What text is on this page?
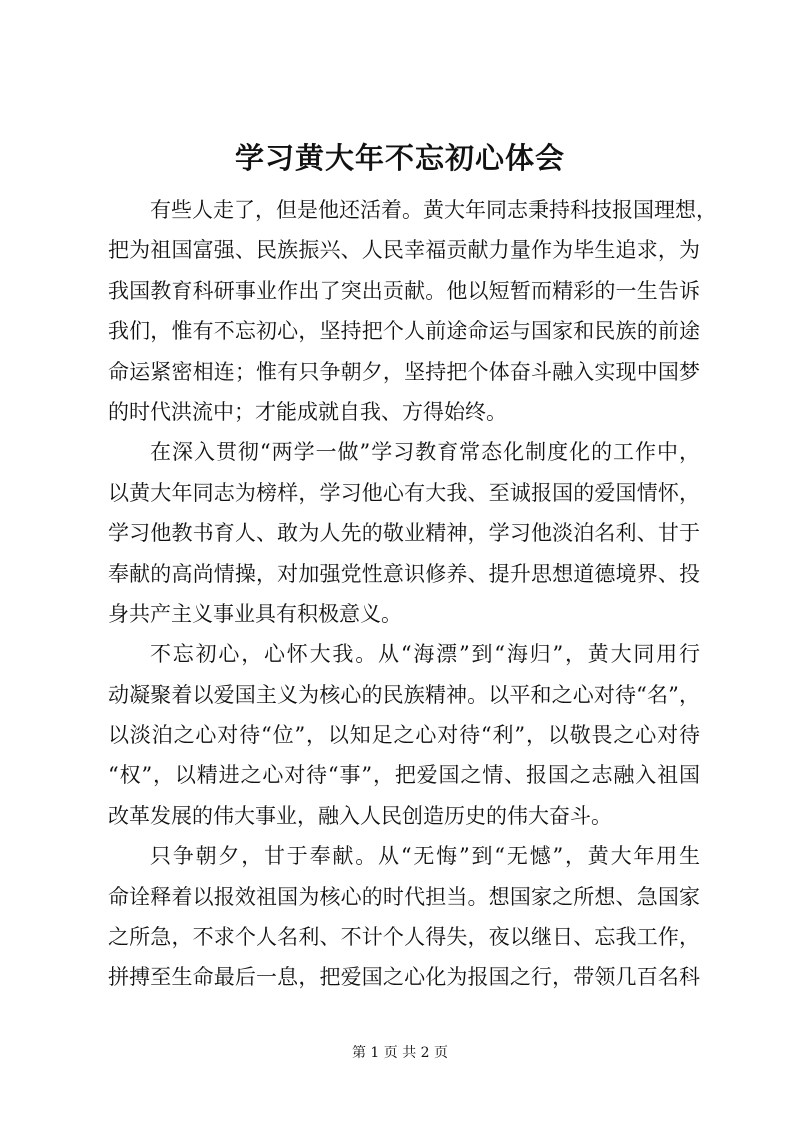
学习黄大年不忘初心体会
有些人走了，但是他还活着。黄大年同志秉持科技报国理想，
把为祖国富强、民族振兴、人民幸福贡献力量作为毕生追求，为
我国教育科研事业作出了突出贡献。他以短暂而精彩的一生告诉
我们，惟有不忘初心，坚持把个人前途命运与国家和民族的前途
命运紧密相连；惟有只争朝夕，坚持把个体奋斗融入实现中国梦
的时代洪流中；才能成就自我、方得始终。
在深入贯彻“两学一做”学习教育常态化制度化的工作中，
以黄大年同志为榜样，学习他心有大我、至诚报国的爱国情怀，
学习他教书育人、敢为人先的敬业精神，学习他淡泊名利、甘于
奉献的高尚情操，对加强党性意识修养、提升思想道德境界、投
身共产主义事业具有积极意义。
不忘初心，心怀大我。从“海漂”到“海归”，黄大同用行
动凝聚着以爱国主义为核心的民族精神。以平和之心对待“名”，
以淡泊之心对待“位”，以知足之心对待“利”，以敬畏之心对待
“权”，以精进之心对待“事”，把爱国之情、报国之志融入祖国
改革发展的伟大事业，融入人民创造历史的伟大奋斗。
只争朝夕，甘于奉献。从“无悔”到“无憾”，黄大年用生
命诠释着以报效祖国为核心的时代担当。想国家之所想、急国家
之所急，不求个人名利、不计个人得失，夜以继日、忘我工作，
拼搏至生命最后一息，把爱国之心化为报国之行，带领几百名科
第 1 页 共 2 页
